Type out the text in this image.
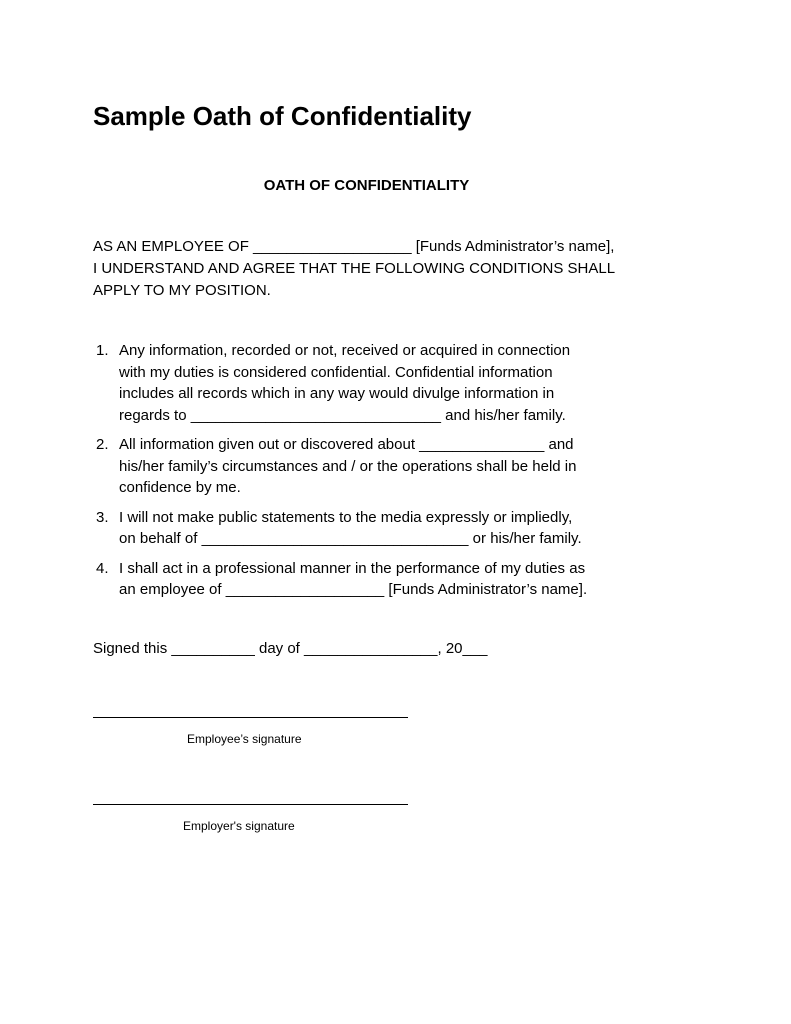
Sample Oath of Confidentiality
OATH OF CONFIDENTIALITY
AS AN EMPLOYEE OF ___________________ [Funds Administrator’s name],
I UNDERSTAND AND AGREE THAT THE FOLLOWING CONDITIONS SHALL
APPLY TO MY POSITION.
1. Any information, recorded or not, received or acquired in connection
with my duties is considered confidential. Confidential information
includes all records which in any way would divulge information in
regards to ______________________________ and his/her family.
2. All information given out or discovered about _______________ and
his/her family’s circumstances and / or the operations shall be held in
confidence by me.
3. I will not make public statements to the media expressly or impliedly,
on behalf of ________________________________ or his/her family.
4. I shall act in a professional manner in the performance of my duties as
an employee of ___________________ [Funds Administrator’s name].
Signed this __________ day of ________________, 20___
Employee’s signature
Employer's signature
